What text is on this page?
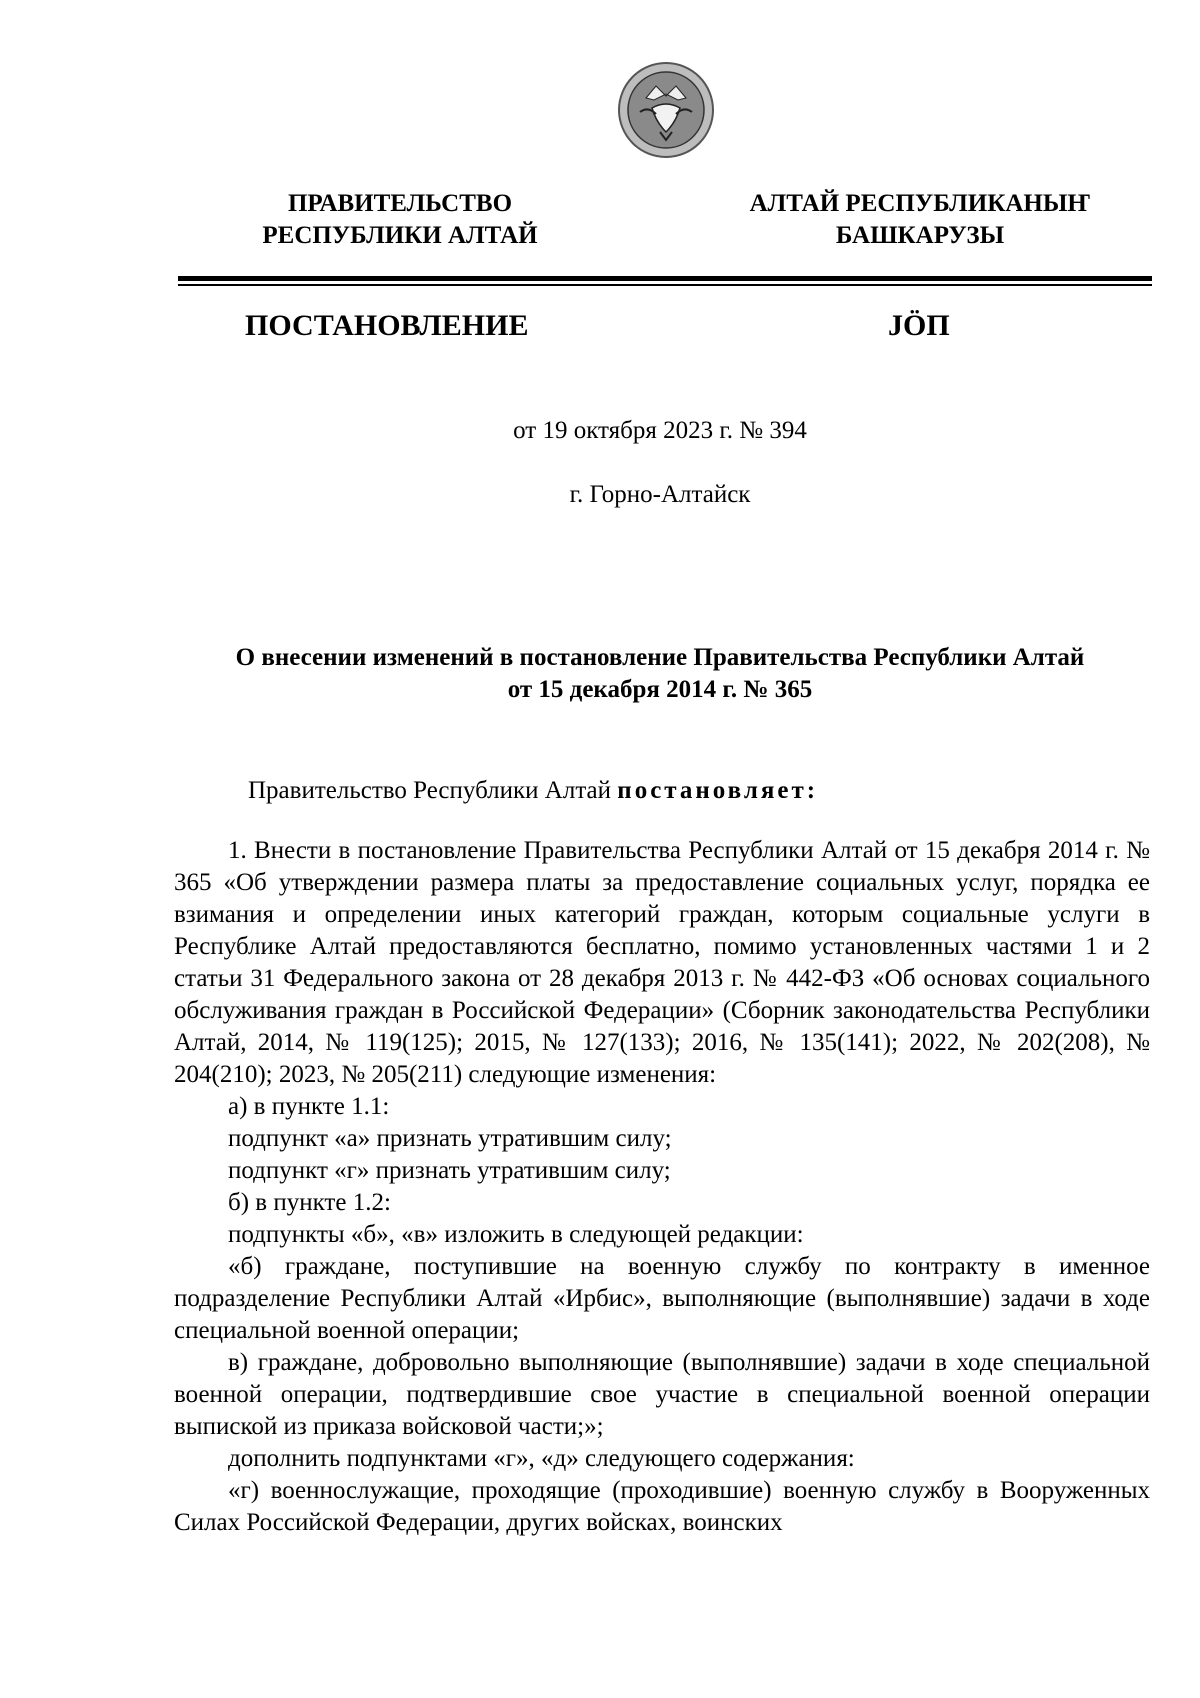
ПРАВИТЕЛЬСТВО
РЕСПУБЛИКИ АЛТАЙ
АЛТАЙ РЕСПУБЛИКАНЫҤ
БАШКАРУЗЫ
ПОСТАНОВЛЕНИЕ	JӦП
от 19 октября 2023 г. № 394
г. Горно-Алтайск
О внесении изменений в постановление Правительства Республики Алтай
от 15 декабря 2014 г. № 365
Правительство Республики Алтай постановляет:

1. Внести в постановление Правительства Республики Алтай от 15 декабря 2014 г. № 365 «Об утверждении размера платы за предоставление социальных услуг, порядка ее взимания и определении иных категорий граждан, которым социальные услуги в Республике Алтай предоставляются бесплатно, помимо установленных частями 1 и 2 статьи 31 Федерального закона от 28 декабря 2013 г. № 442-ФЗ «Об основах социального обслуживания граждан в Российской Федерации» (Сборник законодательства Республики Алтай, 2014, № 119(125); 2015, № 127(133); 2016, № 135(141); 2022, № 202(208), № 204(210); 2023, № 205(211) следующие изменения:

а) в пункте 1.1:

подпункт «а» признать утратившим силу;

подпункт «г» признать утратившим силу;

б) в пункте 1.2:

подпункты «б», «в» изложить в следующей редакции:

«б) граждане, поступившие на военную службу по контракту в именное подразделение Республики Алтай «Ирбис», выполняющие (выполнявшие) задачи в ходе специальной военной операции;

в) граждане, добровольно выполняющие (выполнявшие) задачи в ходе специальной военной операции, подтвердившие свое участие в специальной военной операции выпиской из приказа войсковой части;»;

дополнить подпунктами «г», «д» следующего содержания:

«г) военнослужащие, проходящие (проходившие) военную службу в Вооруженных Силах Российской Федерации, других войсках, воинских
